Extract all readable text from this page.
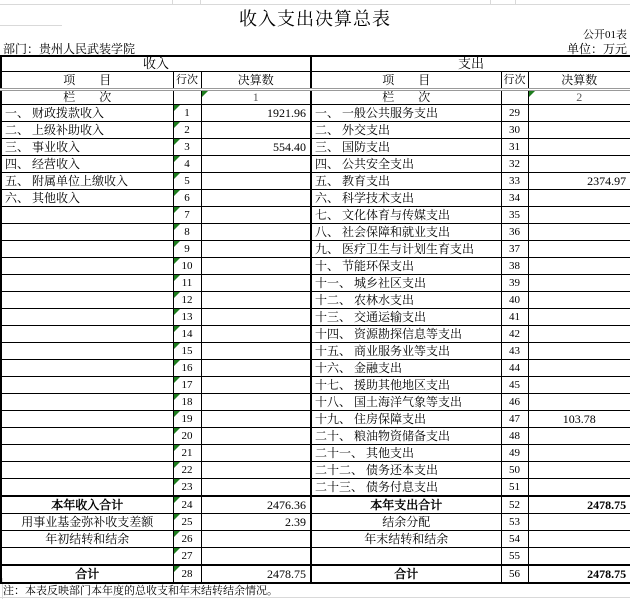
收入支出决算总表
公开01表
部门：贵州人民武装学院	单位：万元
收入			支出		
项　　目	行次	决算数	项　　目	行次	决算数
栏　　次		1	栏　　次		2
一、 财政拨款收入	1	1921.96	一、 一般公共服务支出	29	
二、 上级补助收入	2		二、 外交支出	30	
三、 事业收入	3	554.40	三、 国防支出	31	
四、 经营收入	4		四、 公共安全支出	32	
五、 附属单位上缴收入	5		五、 教育支出	33	2374.97
六、 其他收入	6		六、 科学技术支出	34	
	7		七、 文化体育与传媒支出	35	
	8		八、 社会保障和就业支出	36	
	9		九、 医疗卫生与计划生育支出	37	
	10		十、 节能环保支出	38	
	11		十一、 城乡社区支出	39	
	12		十二、 农林水支出	40	
	13		十三、 交通运输支出	41	
	14		十四、 资源勘探信息等支出	42	
	15		十五、 商业服务业等支出	43	
	16		十六、 金融支出	44	
	17		十七、 援助其他地区支出	45	
	18		十八、 国土海洋气象等支出	46	
	19		十九、 住房保障支出	47	103.78
	20		二十、 粮油物资储备支出	48	
	21		二十一、 其他支出	49	
	22		二十二、 债务还本支出	50	
	23		二十三、 债务付息支出	51	
本年收入合计	24	2476.36	本年支出合计	52	2478.75
用事业基金弥补收支差额	25	2.39	结余分配	53	
年初结转和结余	26		年末结转和结余	54	
	27			55	
合计	28	2478.75	合计	56	2478.75
注：本表反映部门本年度的总收支和年末结转结余情况。
